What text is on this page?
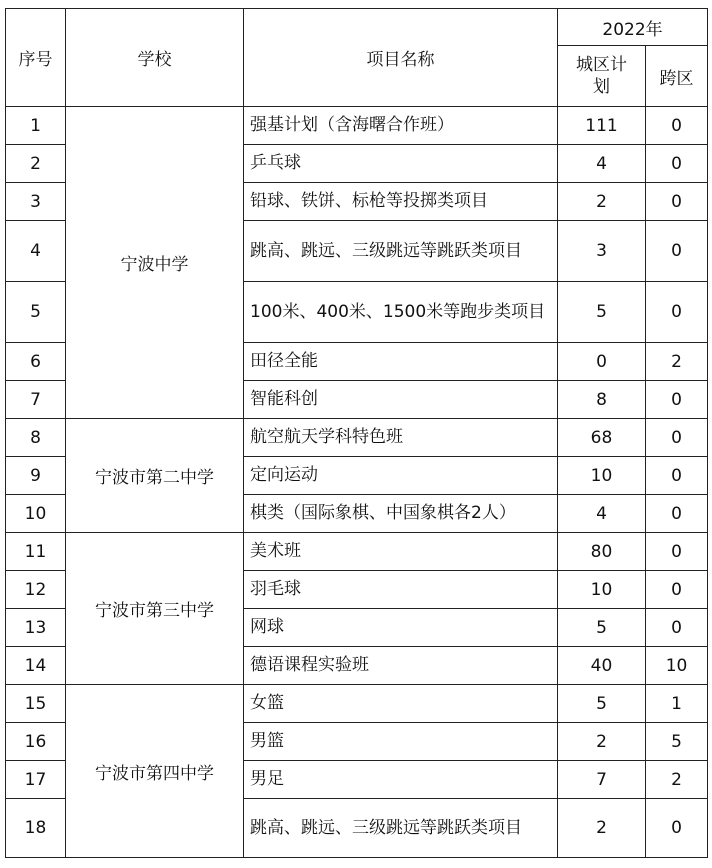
序号	学校	项目名称	2022年	
			城区计划	跨区
1	宁波中学	强基计划（含海曙合作班）	111	0
2		乒乓球	4	0
3		铅球、铁饼、标枪等投掷类项目	2	0
4		跳高、跳远、三级跳远等跳跃类项目	3	0
5		100米、400米、1500米等跑步类项目	5	0
6		田径全能	0	2
7		智能科创	8	0
8	宁波市第二中学	航空航天学科特色班	68	0
9		定向运动	10	0
10		棋类（国际象棋、中国象棋各2人）	4	0
11	宁波市第三中学	美术班	80	0
12		羽毛球	10	0
13		网球	5	0
14		德语课程实验班	40	10
15	宁波市第四中学	女篮	5	1
16		男篮	2	5
17		男足	7	2
18		跳高、跳远、三级跳远等跳跃类项目	2	0
